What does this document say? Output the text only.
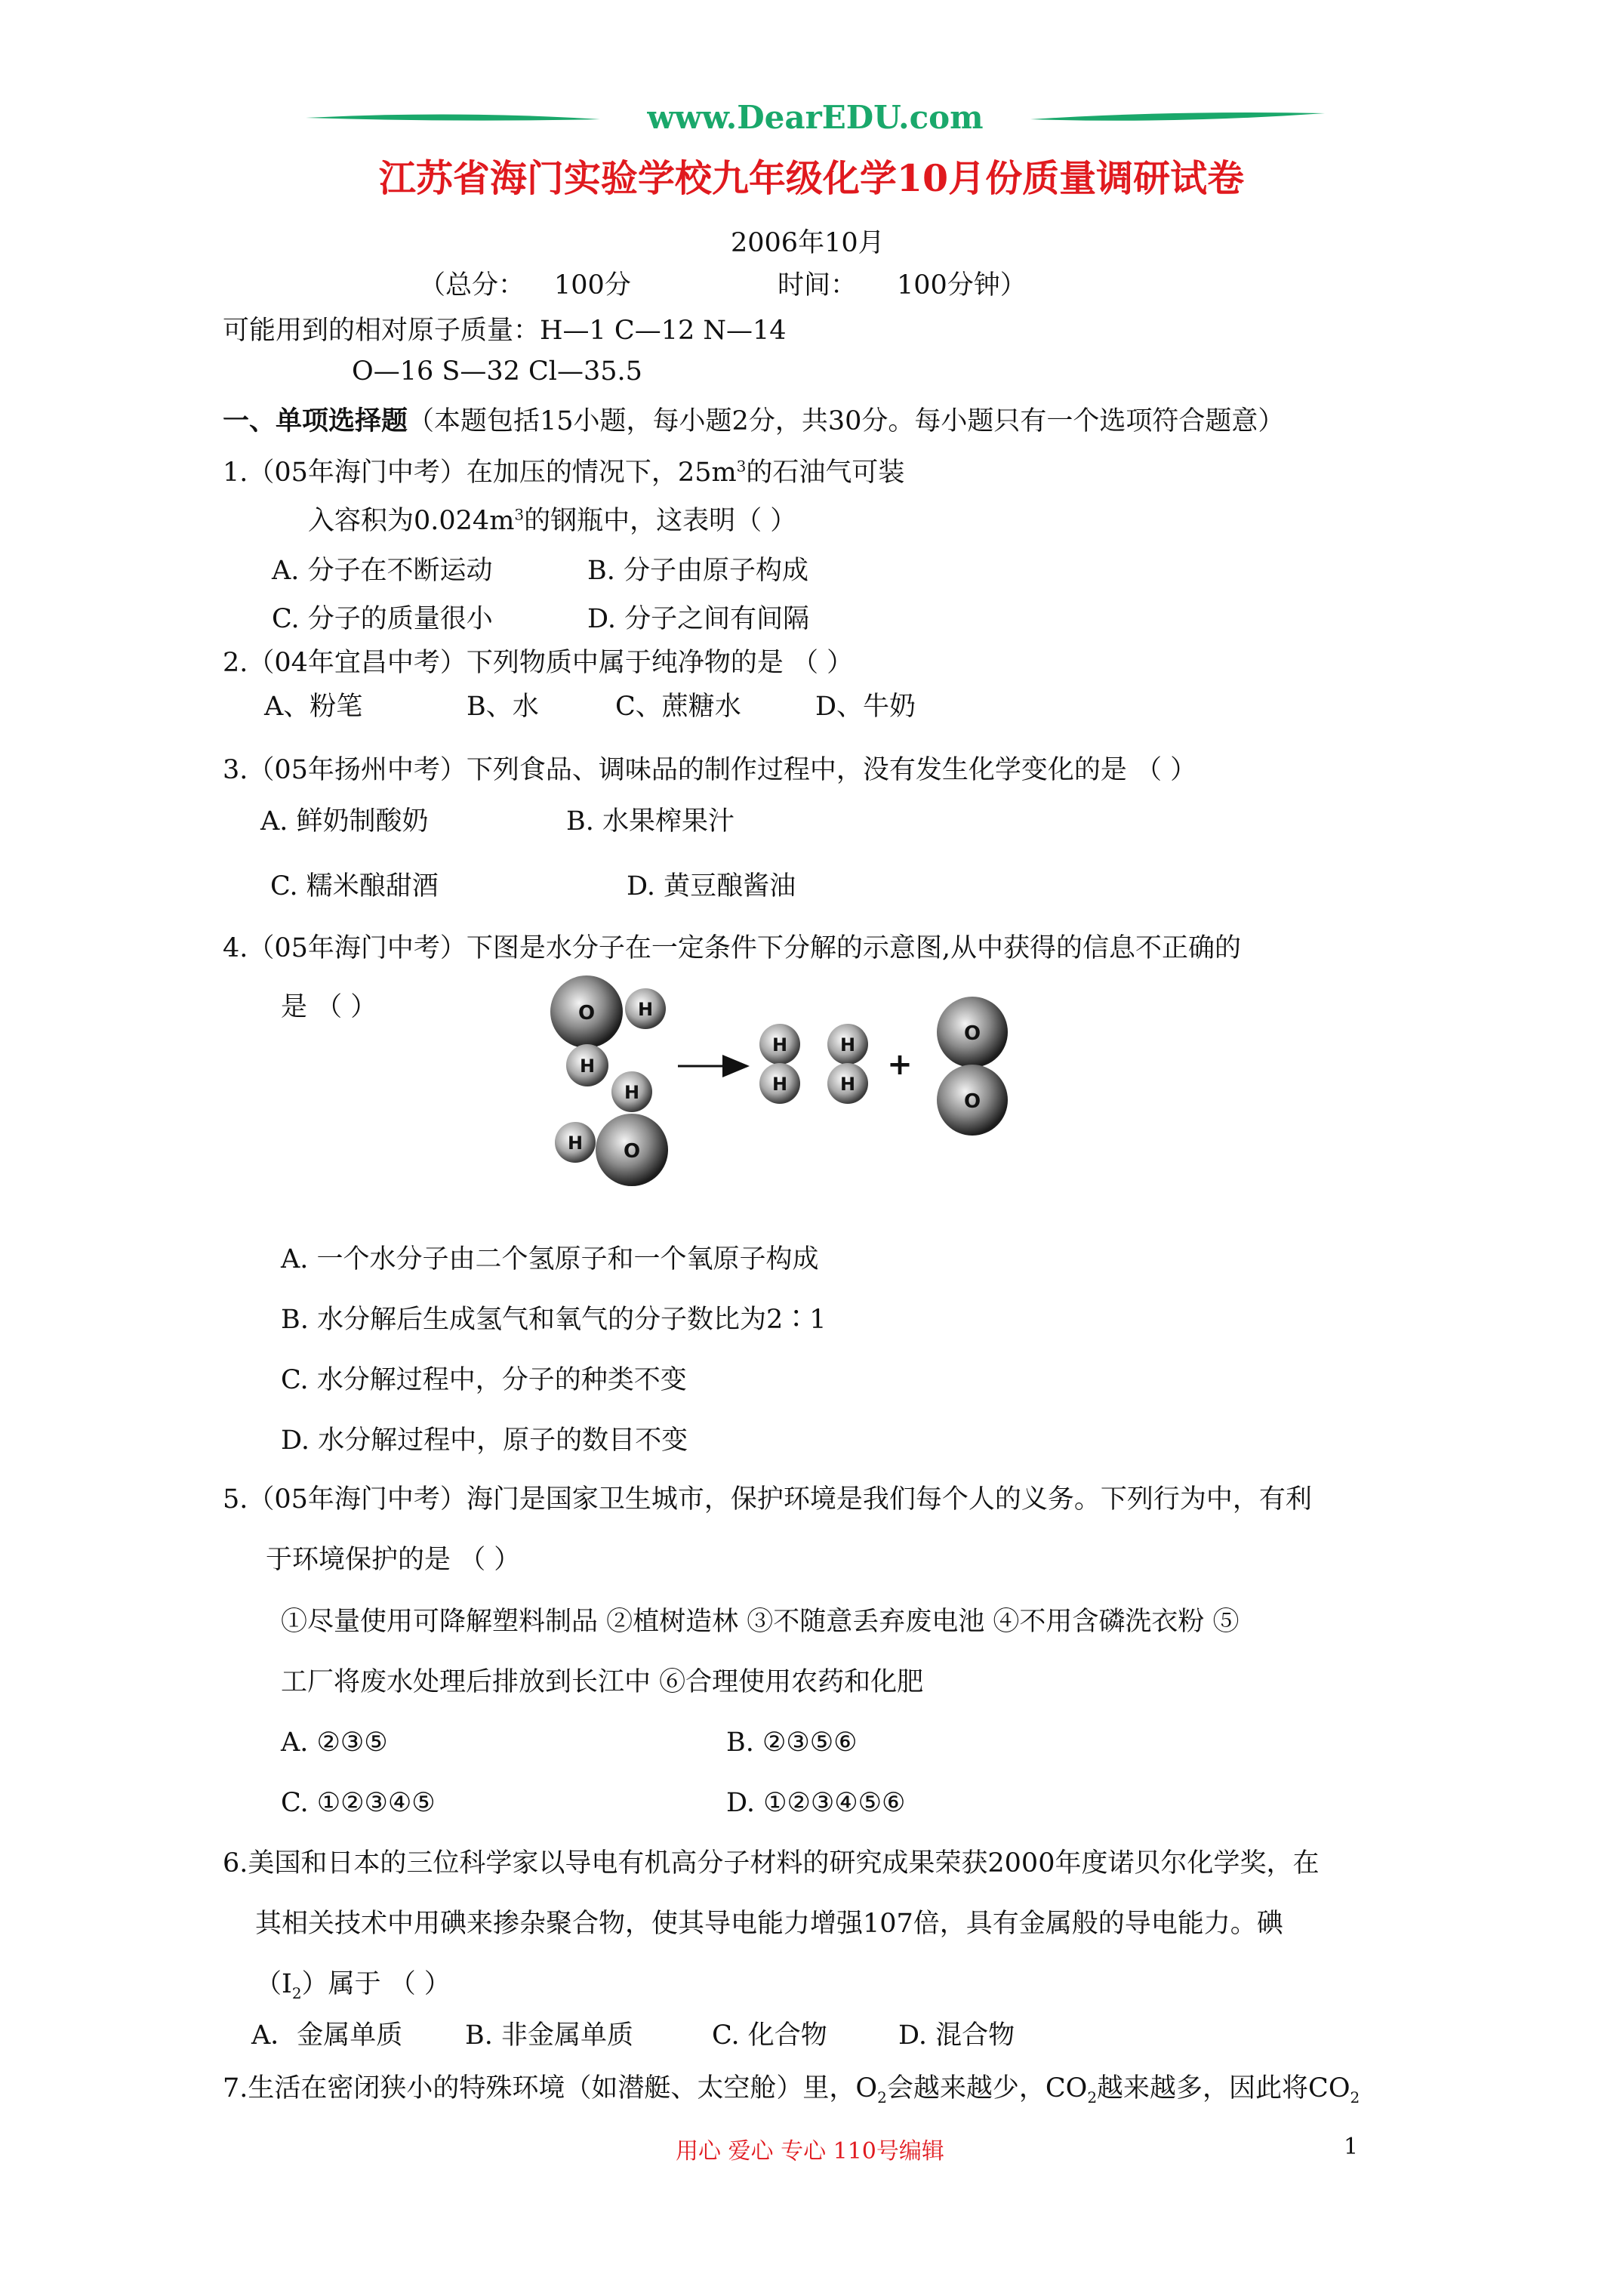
www.DearEDU.com
江苏省海门实验学校九年级化学10月份质量调研试卷
2006年10月
（总分： 100分	时间： 100分钟）
可能用到的相对原子质量：H—1 C—12 N—14
O—16 S—32 Cl—35.5
一、单项选择题（本题包括15小题，每小题2分，共30分。每小题只有一个选项符合题意）
1.（05年海门中考）在加压的情况下，$25m^3$的石油气可装
入容积为$0.024m^3$的钢瓶中，这表明（ ）
A. 分子在不断运动	B. 分子由原子构成
C. 分子的质量很小	D. 分子之间有间隔
2.（04年宜昌中考）下列物质中属于纯净物的是 （ ）
A、粉笔	B、水	C、蔗糖水	D、牛奶
3.（05年扬州中考）下列食品、调味品的制作过程中，没有发生化学变化的是 （ ）
A. 鲜奶制酸奶	B. 水果榨果汁
C. 糯米酿甜酒	D. 黄豆酿酱油
4.（05年海门中考）下图是水分子在一定条件下分解的示意图,从中获得的信息不正确的
是 （ ）	O H
H
H
H O
H
H
H
H
+
O
O
A. 一个水分子由二个氢原子和一个氧原子构成
B. 水分解后生成氢气和氧气的分子数比为2∶1
C. 水分解过程中，分子的种类不变
D. 水分解过程中，原子的数目不变
5.（05年海门中考）海门是国家卫生城市，保护环境是我们每个人的义务。下列行为中，有利
于环境保护的是 （ ）
①尽量使用可降解塑料制品 ②植树造林 ③不随意丢弃废电池 ④不用含磷洗衣粉 ⑤
工厂将废水处理后排放到长江中 ⑥合理使用农药和化肥
A. ②③⑤	B. ②③⑤⑥
C. ①②③④⑤	D. ①②③④⑤⑥
6.美国和日本的三位科学家以导电有机高分子材料的研究成果荣获2000年度诺贝尔化学奖，在
其相关技术中用碘来掺杂聚合物，使其导电能力增强107倍，具有金属般的导电能力。碘
$(I_2)$属于 （ ）
A．金属单质 B. 非金属单质	C. 化合物	D. 混合物
7.生活在密闭狭小的特殊环境（如潜艇、太空舱）里，$O_2$会越来越少，$CO_2$越来越多，因此将$CO_2$
用心 爱心 专心 110号编辑	1
